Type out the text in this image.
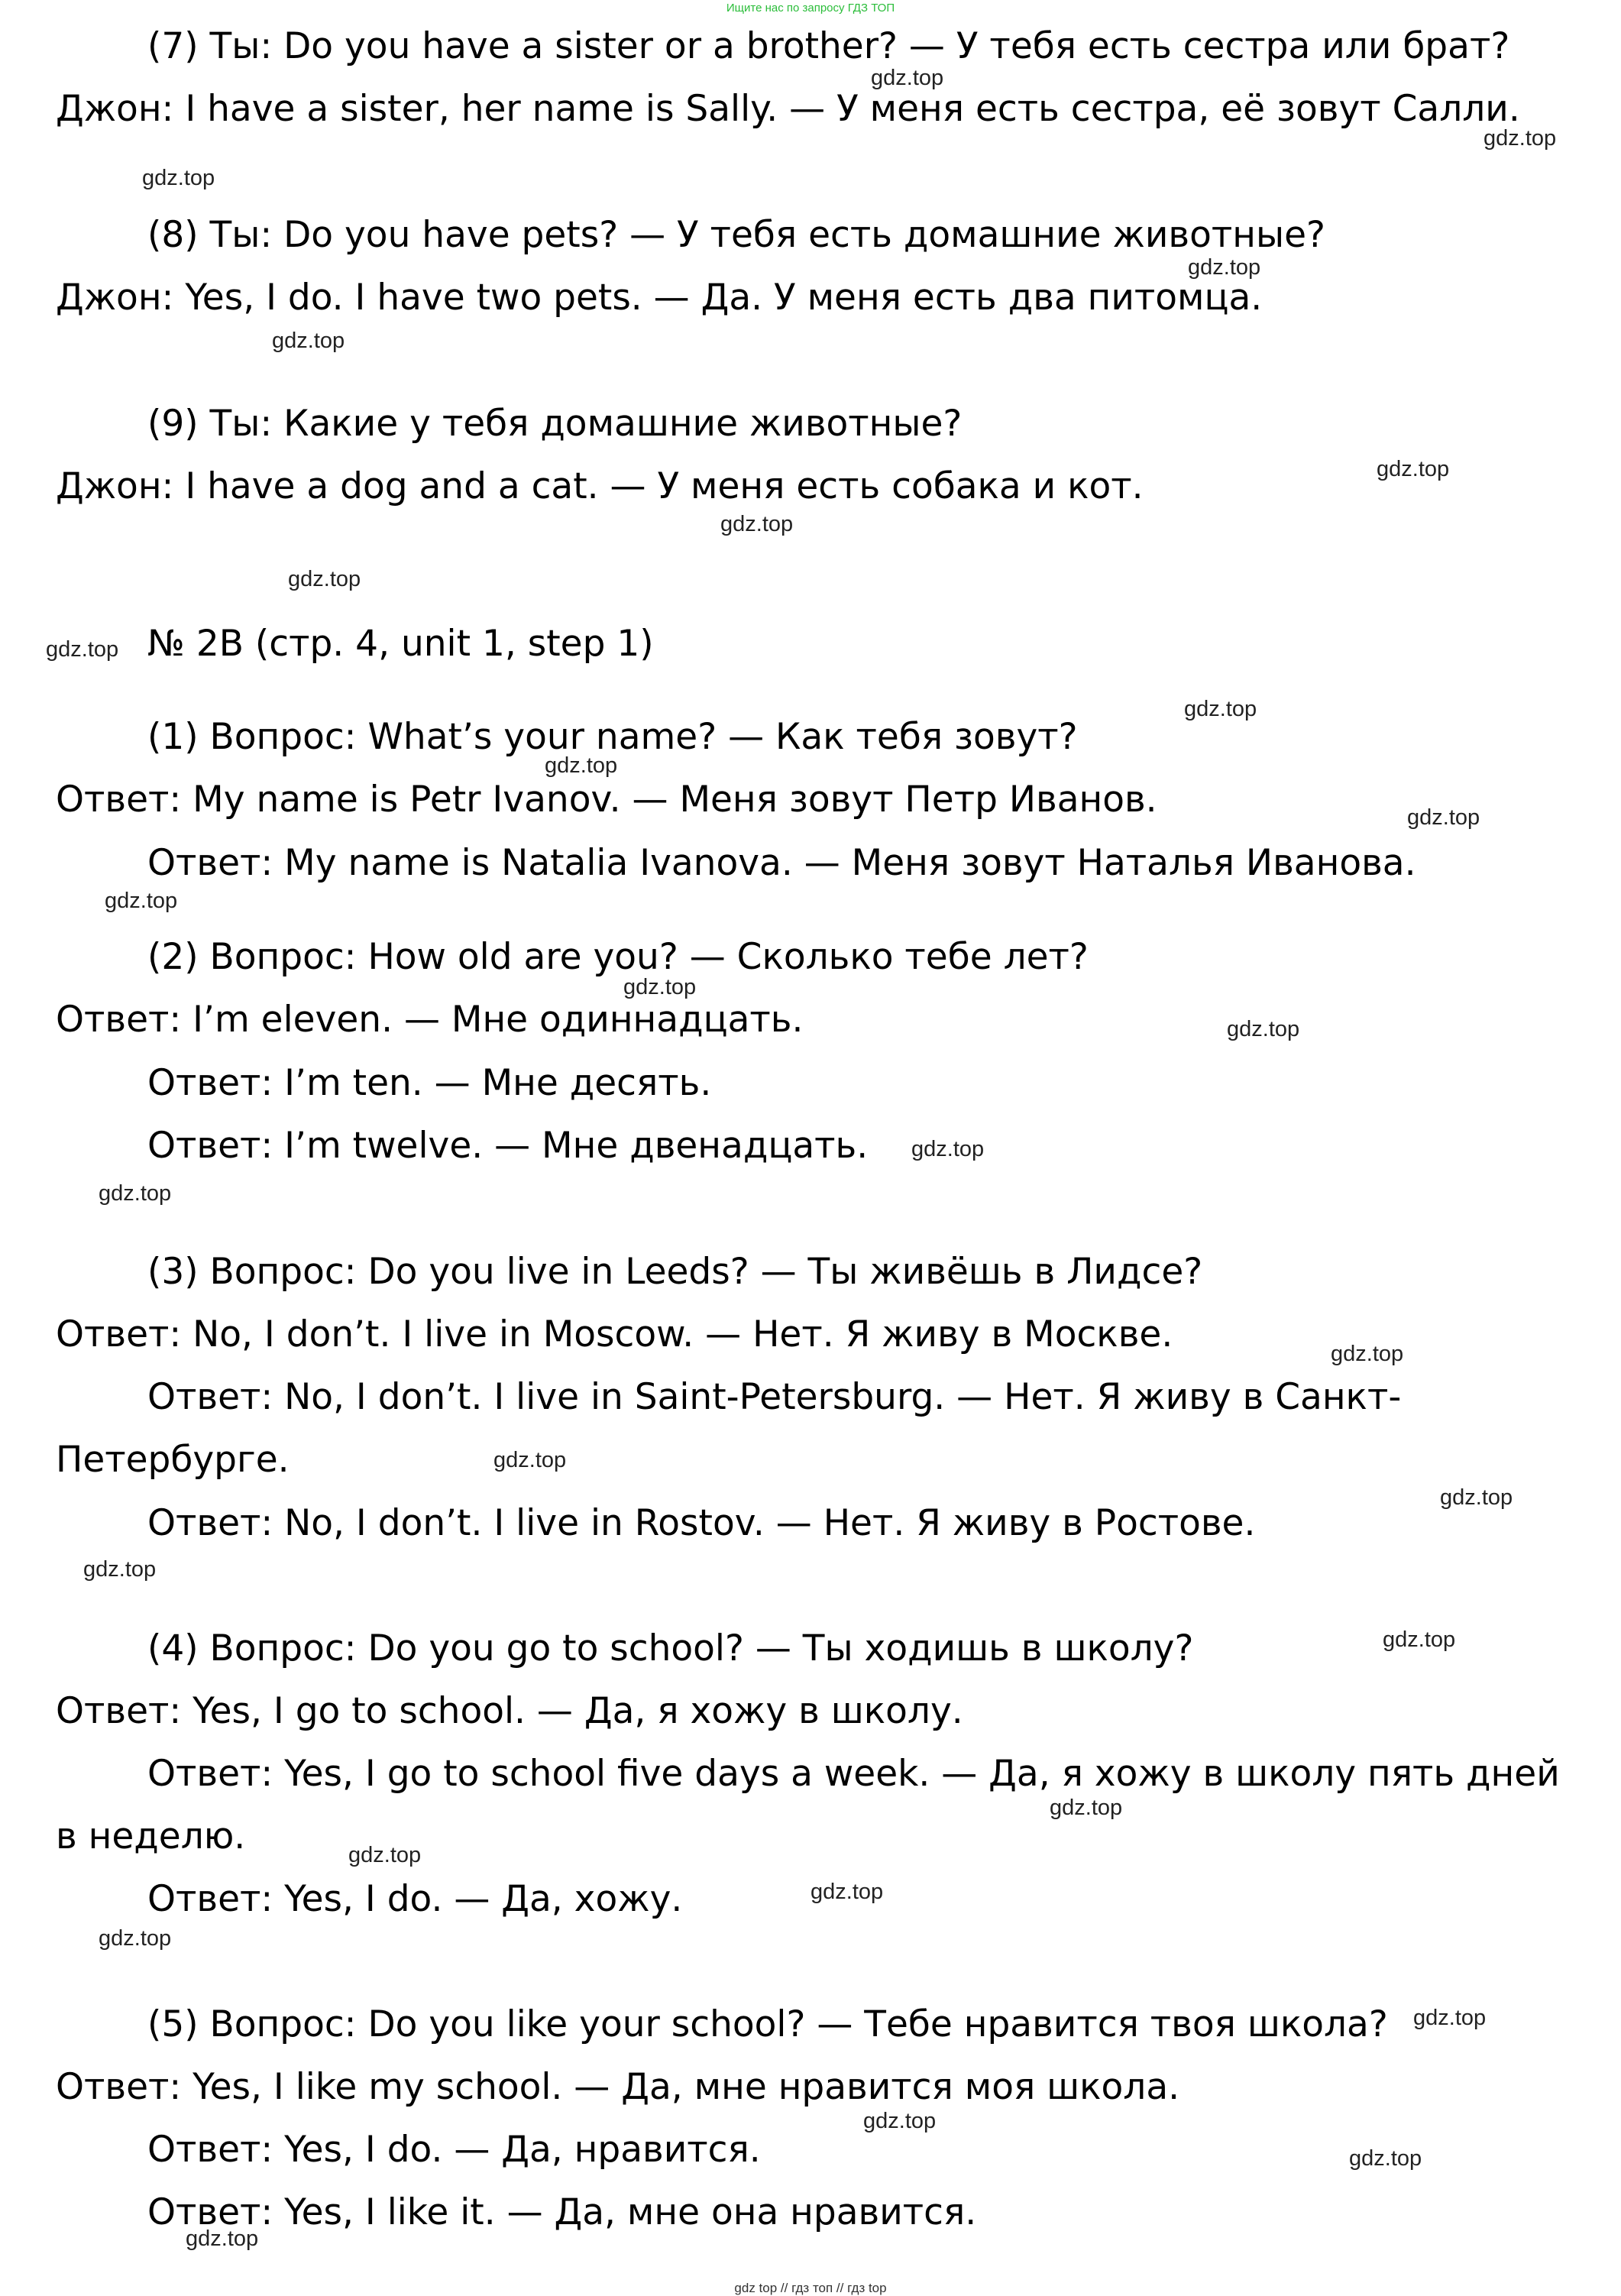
Ищите нас по запросу ГДЗ ТОП
(7) Ты: Do you have a sister or a brother? — У тебя есть сестра или брат?
Джон: I have a sister, her name is Sally. — У меня есть сестра, её зовут Салли.
(8) Ты: Do you have pets? — У тебя есть домашние животные?
Джон: Yes, I do. I have two pets. — Да. У меня есть два питомца.
(9) Ты: Какие у тебя домашние животные?
Джон: I have a dog and a cat. — У меня есть собака и кот.
№ 2B (стр. 4, unit 1, step 1)
(1) Вопрос: What’s your name? — Как тебя зовут?
Ответ: My name is Petr Ivanov. — Меня зовут Петр Иванов.
Ответ: My name is Natalia Ivanova. — Меня зовут Наталья Иванова.
(2) Вопрос: How old are you? — Сколько тебе лет?
Ответ: I’m eleven. — Мне одиннадцать.
Ответ: I’m ten. — Мне десять.
Ответ: I’m twelve. — Мне двенадцать.
(3) Вопрос: Do you live in Leeds? — Ты живёшь в Лидсе?
Ответ: No, I don’t. I live in Moscow. — Нет. Я живу в Москве.
Ответ: No, I don’t. I live in Saint-Petersburg. — Нет. Я живу в Санкт-
Петербурге.
Ответ: No, I don’t. I live in Rostov. — Нет. Я живу в Ростове.
(4) Вопрос: Do you go to school? — Ты ходишь в школу?
Ответ: Yes, I go to school. — Да, я хожу в школу.
Ответ: Yes, I go to school five days a week. — Да, я хожу в школу пять дней
в неделю.
Ответ: Yes, I do. — Да, хожу.
(5) Вопрос: Do you like your school? — Тебе нравится твоя школа?
Ответ: Yes, I like my school. — Да, мне нравится моя школа.
Ответ: Yes, I do. — Да, нравится.
Ответ: Yes, I like it. — Да, мне она нравится.
gdz.top
gdz.top
gdz.top
gdz.top
gdz.top
gdz.top
gdz.top
gdz.top
gdz.top
gdz.top
gdz.top
gdz.top
gdz.top
gdz.top
gdz.top
gdz.top
gdz.top
gdz.top
gdz.top
gdz.top
gdz.top
gdz.top
gdz.top
gdz.top
gdz.top
gdz.top
gdz.top
gdz.top
gdz.top
gdz.top
gdz top // гдз топ // гдз top
